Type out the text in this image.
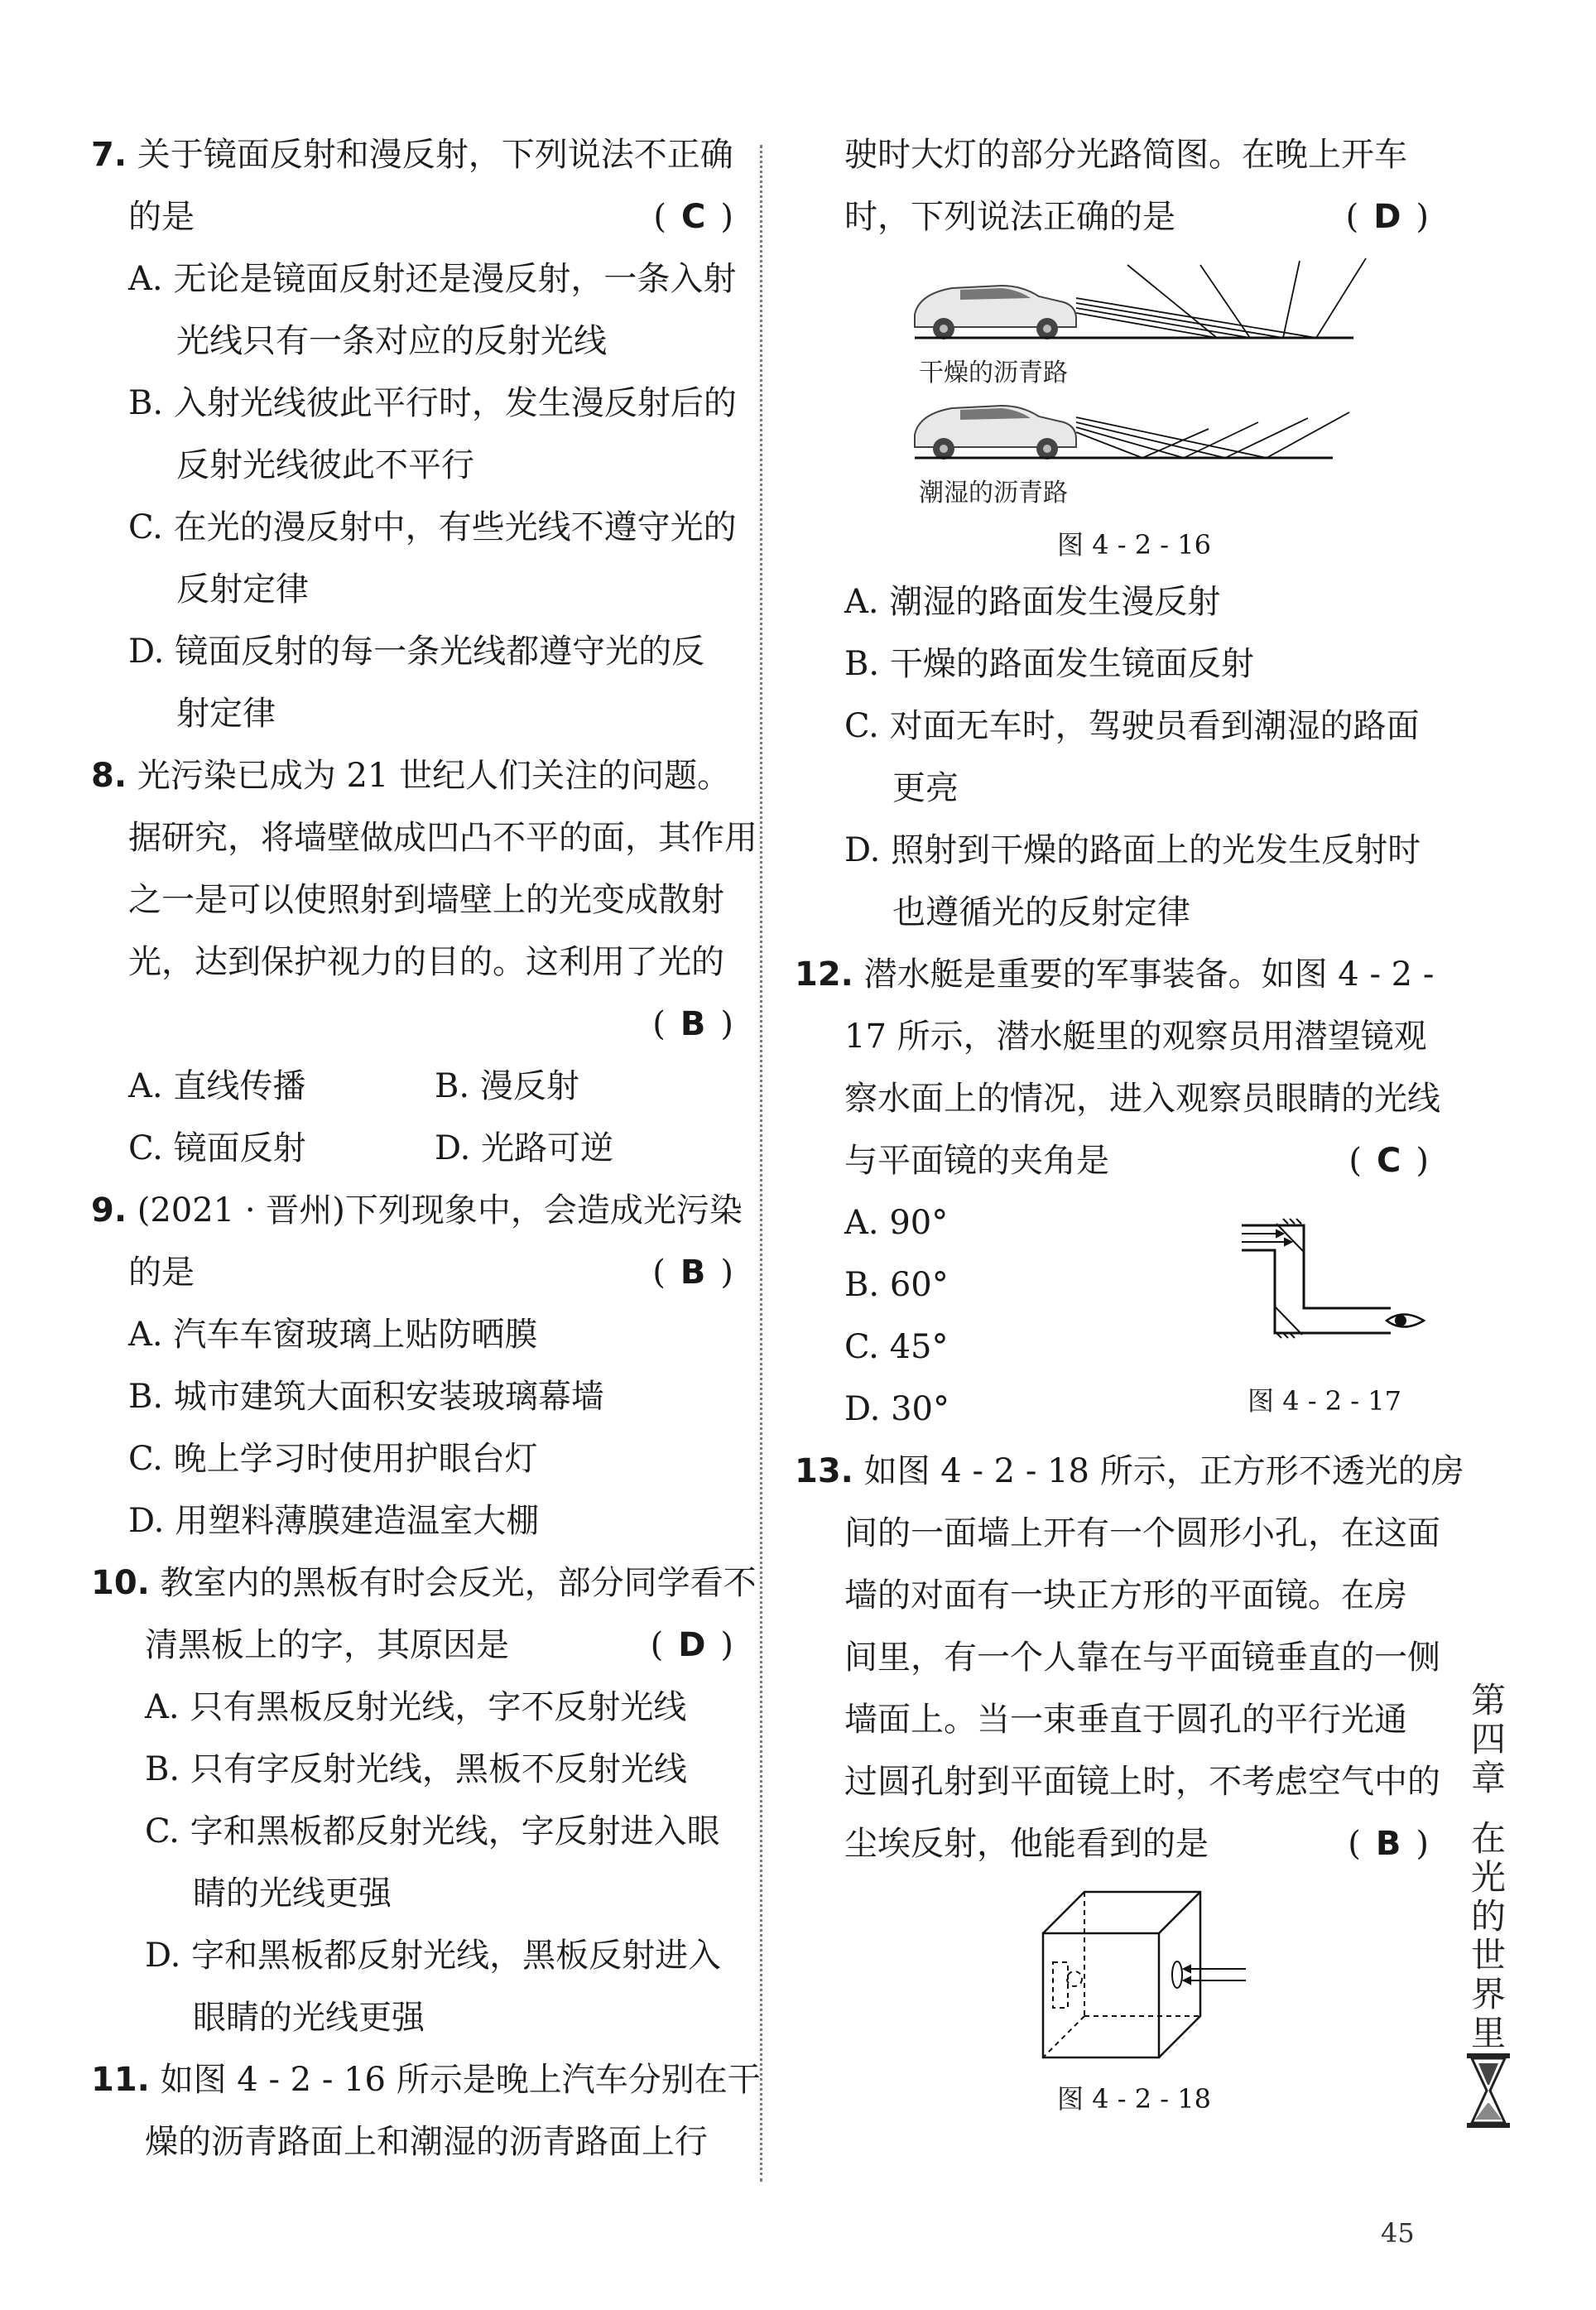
7. 关于镜面反射和漫反射，下列说法不正确
的是	( C )
A. 无论是镜面反射还是漫反射，一条入射
光线只有一条对应的反射光线
B. 入射光线彼此平行时，发生漫反射后的
反射光线彼此不平行
C. 在光的漫反射中，有些光线不遵守光的
反射定律
D. 镜面反射的每一条光线都遵守光的反
射定律
8. 光污染已成为 21 世纪人们关注的问题。
据研究，将墙壁做成凹凸不平的面，其作用
之一是可以使照射到墙壁上的光变成散射
光，达到保护视力的目的。这利用了光的
( B )
A. 直线传播	B. 漫反射
C. 镜面反射	D. 光路可逆
9. (2021 · 晋州)下列现象中，会造成光污染
的是	( B )
A. 汽车车窗玻璃上贴防晒膜
B. 城市建筑大面积安装玻璃幕墙
C. 晚上学习时使用护眼台灯
D. 用塑料薄膜建造温室大棚
10. 教室内的黑板有时会反光，部分同学看不
清黑板上的字，其原因是	( D )
A. 只有黑板反射光线，字不反射光线
B. 只有字反射光线，黑板不反射光线
C. 字和黑板都反射光线，字反射进入眼
睛的光线更强
D. 字和黑板都反射光线，黑板反射进入
眼睛的光线更强
11. 如图 4 - 2 - 16 所示是晚上汽车分别在干
燥的沥青路面上和潮湿的沥青路面上行
驶时大灯的部分光路简图。在晚上开车
时，下列说法正确的是	( D )
干燥的沥青路
潮湿的沥青路
图 4 - 2 - 16
A. 潮湿的路面发生漫反射
B. 干燥的路面发生镜面反射
C. 对面无车时，驾驶员看到潮湿的路面
更亮
D. 照射到干燥的路面上的光发生反射时
也遵循光的反射定律
12. 潜水艇是重要的军事装备。如图 4 - 2 -
17 所示，潜水艇里的观察员用潜望镜观
察水面上的情况，进入观察员眼睛的光线
与平面镜的夹角是	( C )
A. 90°
B. 60°
C. 45°
D. 30°	图 4 - 2 - 17
13. 如图 4 - 2 - 18 所示，正方形不透光的房
间的一面墙上开有一个圆形小孔，在这面
墙的对面有一块正方形的平面镜。在房
间里，有一个人靠在与平面镜垂直的一侧
墙面上。当一束垂直于圆孔的平行光通
过圆孔射到平面镜上时，不考虑空气中的
尘埃反射，他能看到的是	( B )
图 4 - 2 - 18
第四章
在光的世界里
45
